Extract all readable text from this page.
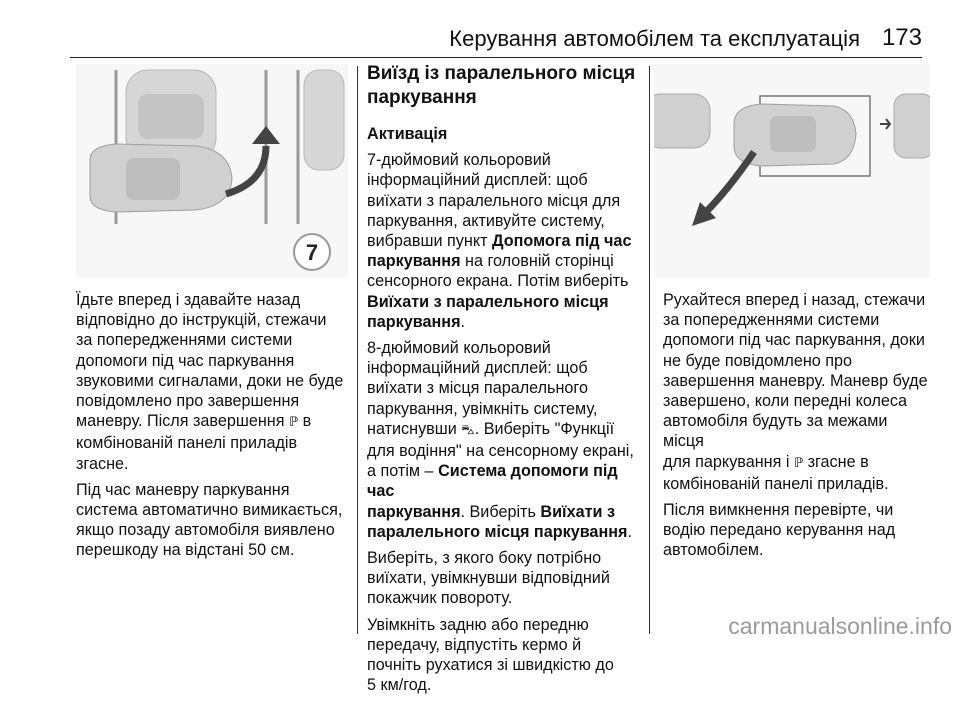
Керування автомобілем та експлуатація 173
7

Їдьте вперед і здавайте назад
відповідно до інструкцій, стежачи
за попередженнями системи
допомоги під час паркування
звуковими сигналами, доки не буде
повідомлено про завершення
маневру. Після завершення ℙ в
комбінованій панелі приладів
згасне.

Під час маневру паркування
система автоматично вимикається,
якщо позаду автомобіля виявлено
перешкоду на відстані 50 см.

Виїзд із паралельного місця
паркування

Активація

7-дюймовий кольоровий
інформаційний дисплей: щоб
виїхати з паралельного місця для
паркування, активуйте систему,
вибравши пункт Допомога під час
паркування на головній сторінці
сенсорного екрана. Потім виберіть
Виїхати з паралельного місця
паркування.

8-дюймовий кольоровий
інформаційний дисплей: щоб
виїхати з місця паралельного
паркування, увімкніть систему,
натиснувши ⛍. Виберіть "Функції
для водіння" на сенсорному екрані,
а потім – Система допомоги під час
паркування. Виберіть Виїхати з
паралельного місця паркування.

Виберіть, з якого боку потрібно
виїхати, увімкнувши відповідний
покажчик повороту.

Увімкніть задню або передню
передачу, відпустіть кермо й
почніть рухатися зі швидкістю до
5 км/год.

Рухайтеся вперед і назад, стежачи
за попередженнями системи
допомоги під час паркування, доки
не буде повідомлено про
завершення маневру. Маневр буде
завершено, коли передні колеса
автомобіля будуть за межами місця
для паркування і ℙ згасне в
комбінованій панелі приладів.

Після вимкнення перевірте, чи
водію передано керування над
автомобілем.

carmanualsonline.info
